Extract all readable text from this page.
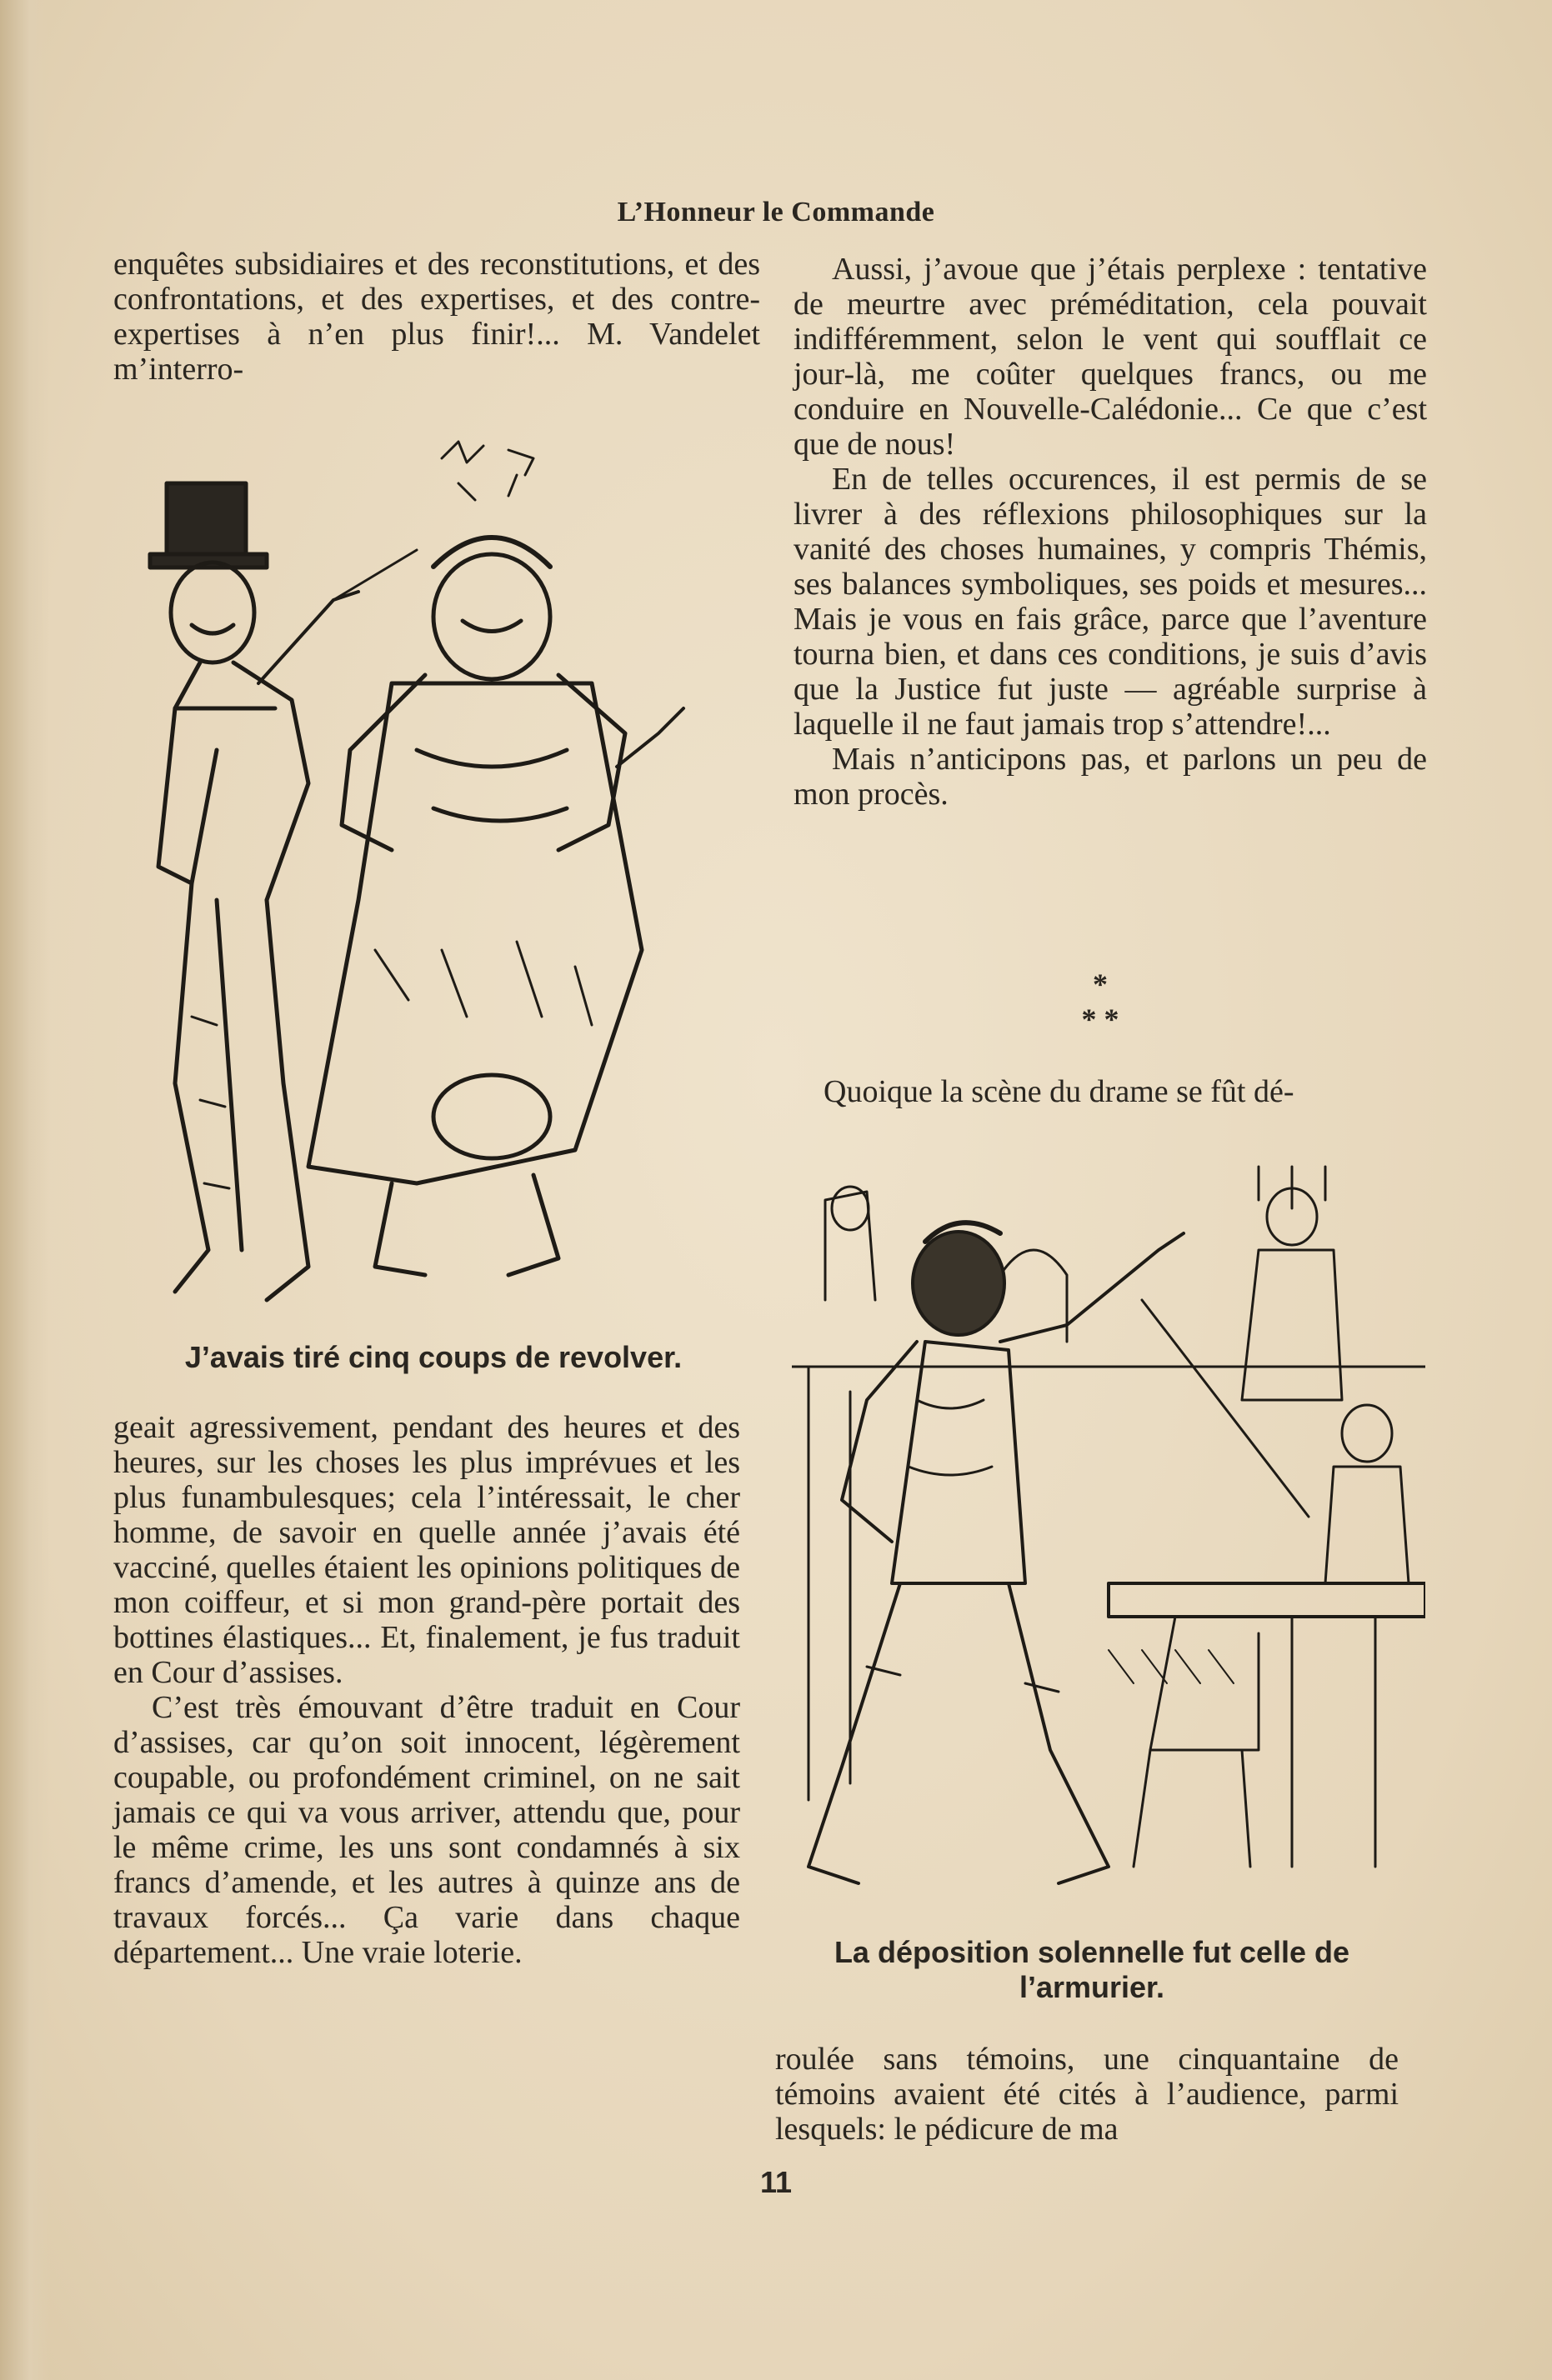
L’Honneur le Commande

enquêtes subsidiaires et des reconstitutions, et des confrontations, et des expertises, et des contre-expertises à n’en plus finir!... M. Vandelet m’interro-

J’avais tiré cinq coups de revolver.

geait agressivement, pendant des heures et des heures, sur les choses les plus imprévues et les plus funambulesques; cela l’intéressait, le cher homme, de savoir en quelle année j’avais été vacciné, quelles étaient les opinions politiques de mon coiffeur, et si mon grand-père portait des bottines élastiques... Et, finalement, je fus traduit en Cour d’assises.

C’est très émouvant d’être traduit en Cour d’assises, car qu’on soit innocent, légèrement coupable, ou profondément criminel, on ne sait jamais ce qui va vous arriver, attendu que, pour le même crime, les uns sont condamnés à six francs d’amende, et les autres à quinze ans de travaux forcés... Ça varie dans chaque département... Une vraie loterie.

Aussi, j’avoue que j’étais perplexe : tentative de meurtre avec préméditation, cela pouvait indifféremment, selon le vent qui soufflait ce jour-là, me coûter quelques francs, ou me conduire en Nouvelle-Calédonie... Ce que c’est que de nous!

En de telles occurences, il est permis de se livrer à des réflexions philosophiques sur la vanité des choses humaines, y compris Thémis, ses balances symboliques, ses poids et mesures... Mais je vous en fais grâce, parce que l’aventure tourna bien, et dans ces conditions, je suis d’avis que la Justice fut juste — agréable surprise à laquelle il ne faut jamais trop s’attendre!...

Mais n’anticipons pas, et parlons un peu de mon procès.

*
* *
Quoique la scène du drame se fût dé-
La déposition solennelle fut celle de l’armurier.

roulée sans témoins, une cinquantaine de témoins avaient été cités à l’audience, parmi lesquels: le pédicure de ma

11
